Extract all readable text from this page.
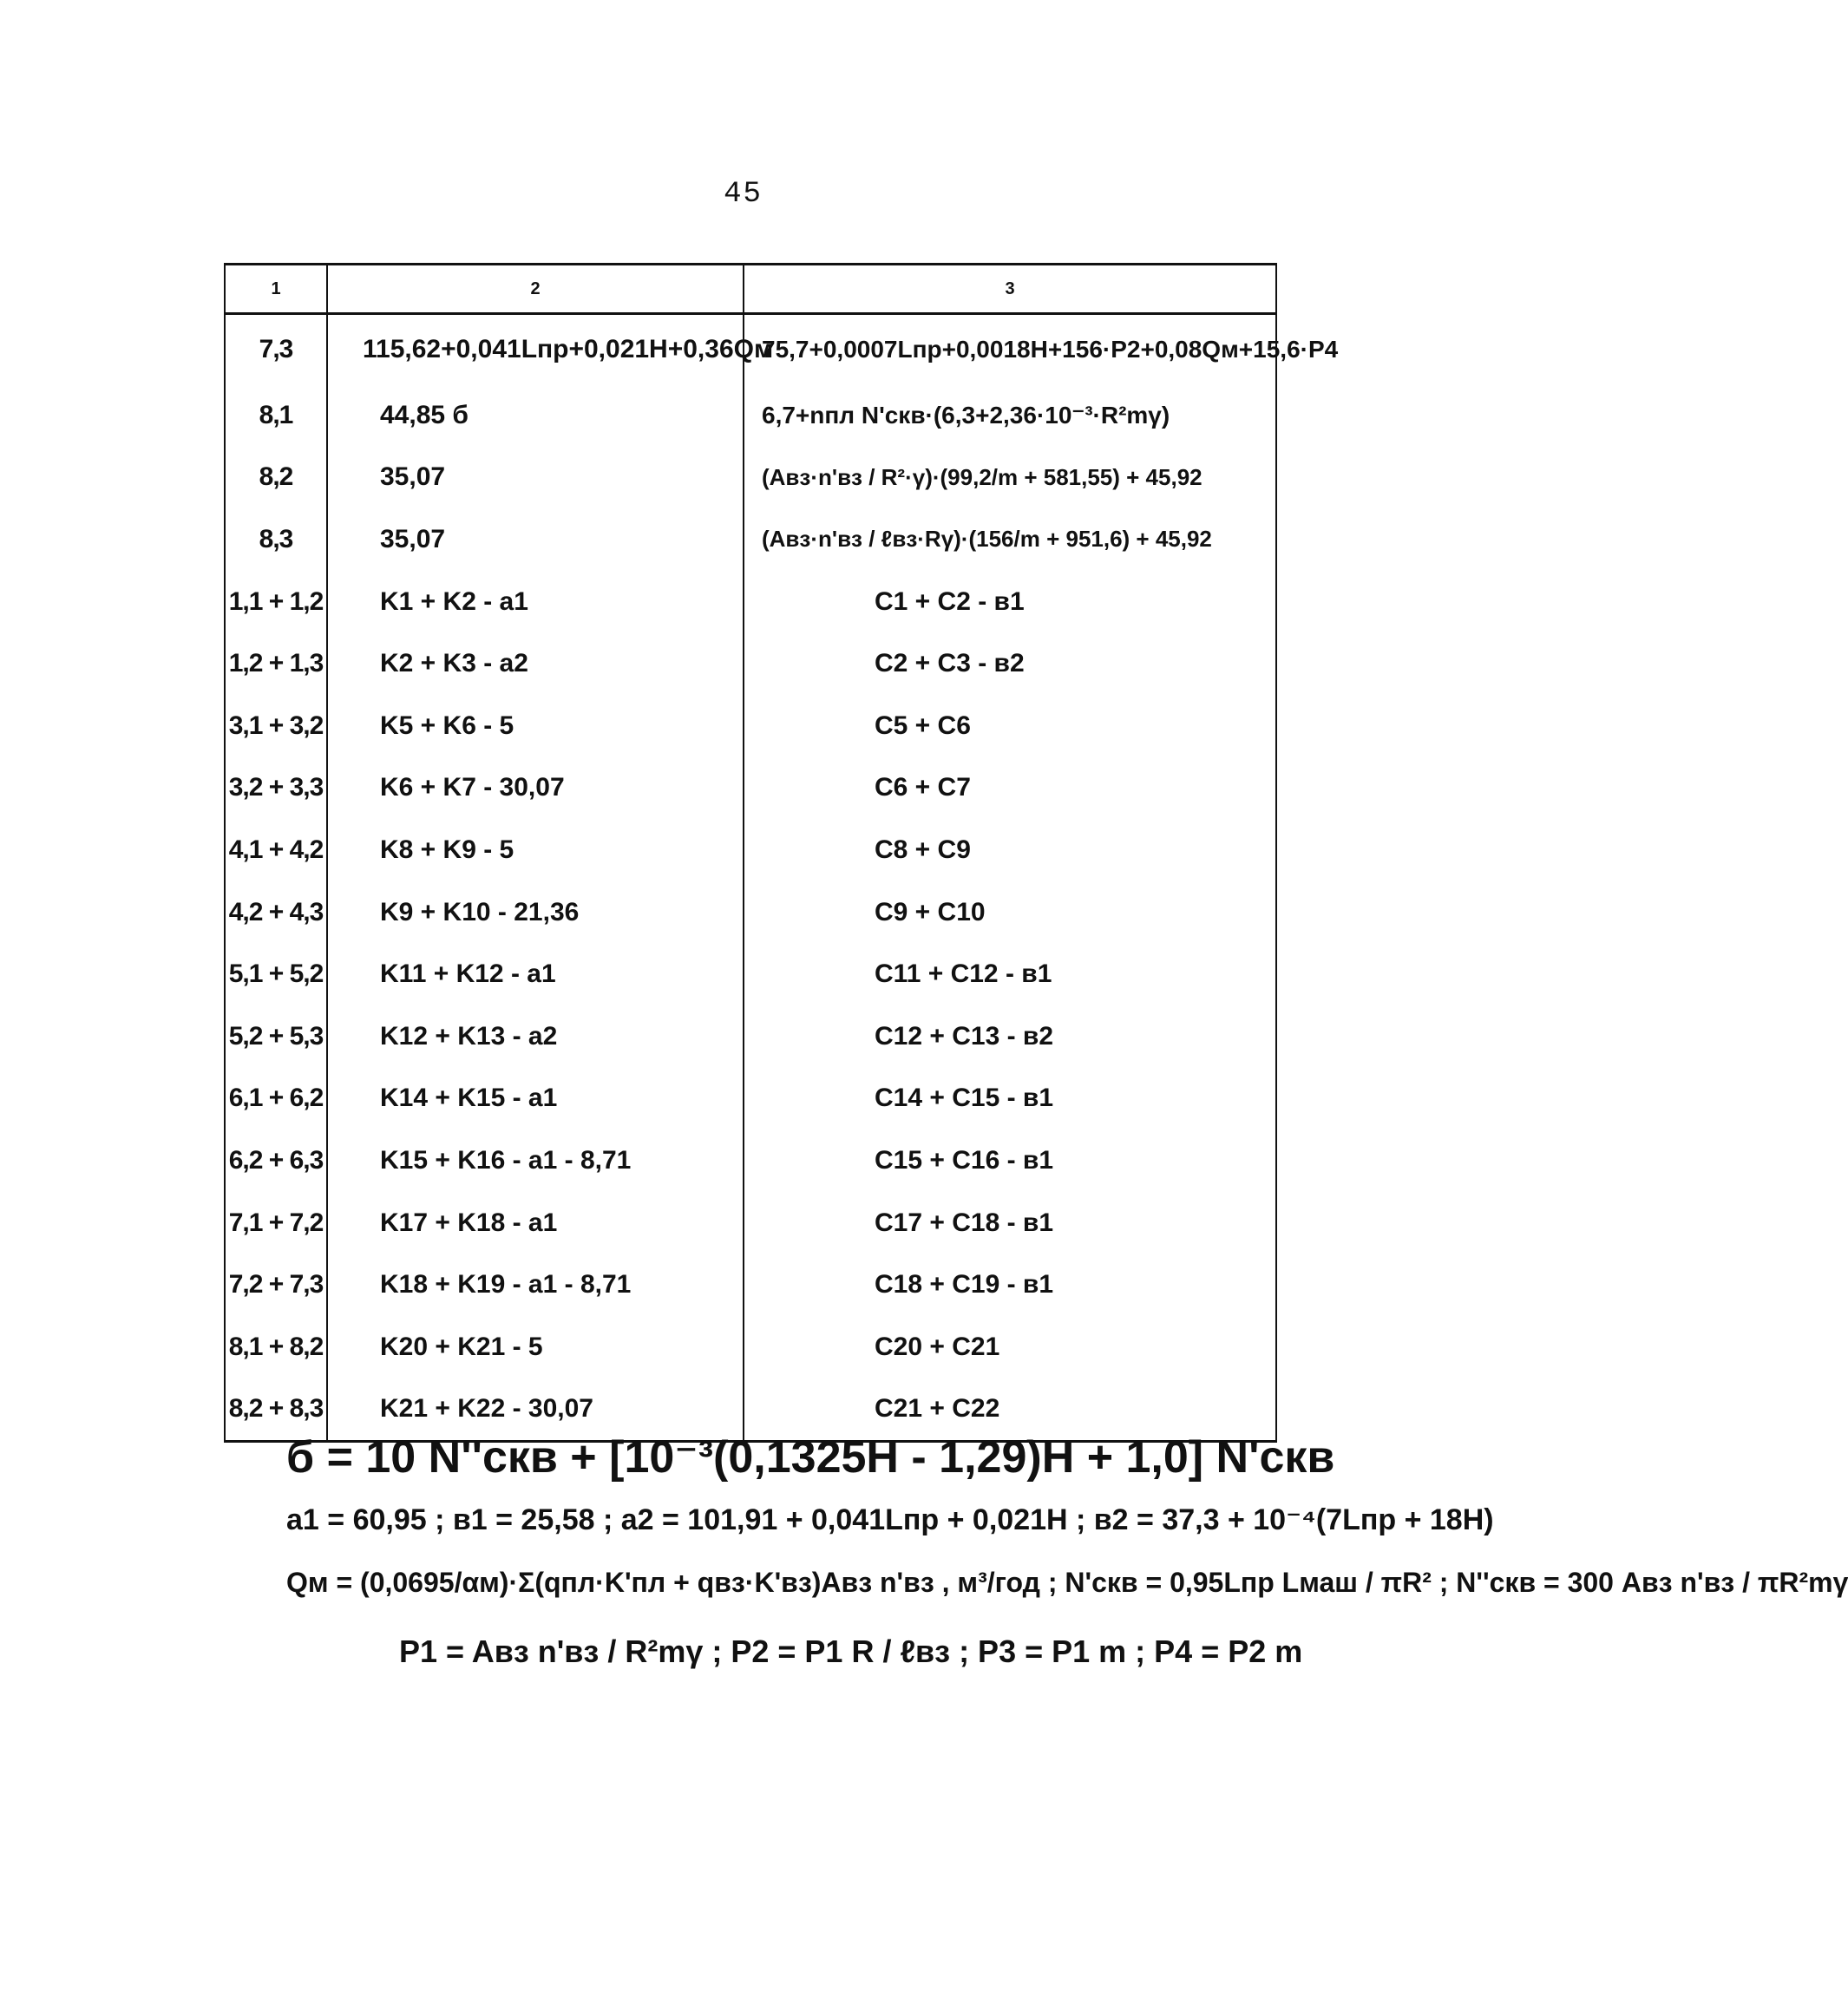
45
1	2	3
7,3	115,62+0,041Lпр+0,021H+0,36Qм	75,7+0,0007Lпр+0,0018H+156·P2+0,08Qм+15,6·P4
8,1	44,85 б	6,7+nпл N'скв·(6,3+2,36·10⁻³·R²mγ)
8,2	35,07	(Aвз·n'вз / R²·γ)·(99,2/m + 581,55) + 45,92
8,3	35,07	(Aвз·n'вз / ℓвз·Rγ)·(156/m + 951,6) + 45,92
1,1 + 1,2	K1 + K2 - a1	C1 + C2 - в1
1,2 + 1,3	K2 + K3 - a2	C2 + C3 - в2
3,1 + 3,2	K5 + K6 - 5	C5 + C6
3,2 + 3,3	K6 + K7 - 30,07	C6 + C7
4,1 + 4,2	K8 + K9 - 5	C8 + C9
4,2 + 4,3	K9 + K10 - 21,36	C9 + C10
5,1 + 5,2	K11 + K12 - a1	C11 + C12 - в1
5,2 + 5,3	K12 + K13 - a2	C12 + C13 - в2
6,1 + 6,2	K14 + K15 - a1	C14 + C15 - в1
6,2 + 6,3	K15 + K16 - a1 - 8,71	C15 + C16 - в1
7,1 + 7,2	K17 + K18 - a1	C17 + C18 - в1
7,2 + 7,3	K18 + K19 - a1 - 8,71	C18 + C19 - в1
8,1 + 8,2	K20 + K21 - 5	C20 + C21
8,2 + 8,3	K21 + K22 - 30,07	C21 + C22
б = 10 N''скв + [10⁻³(0,1325H - 1,29)H + 1,0] N'скв
a1 = 60,95 ; в1 = 25,58 ; a2 = 101,91 + 0,041Lпр + 0,021H ; в2 = 37,3 + 10⁻⁴(7Lпр + 18H)
Qм = (0,0695/αм)·Σ(qпл·K'пл + qвз·K'вз)Aвз n'вз , м³/год ; N'скв = 0,95Lпр Lмаш / πR² ; N''скв = 300 Aвз n'вз / πR²mγ
P1 = Aвз n'вз / R²mγ ; P2 = P1 R / ℓвз ; P3 = P1 m ; P4 = P2 m
